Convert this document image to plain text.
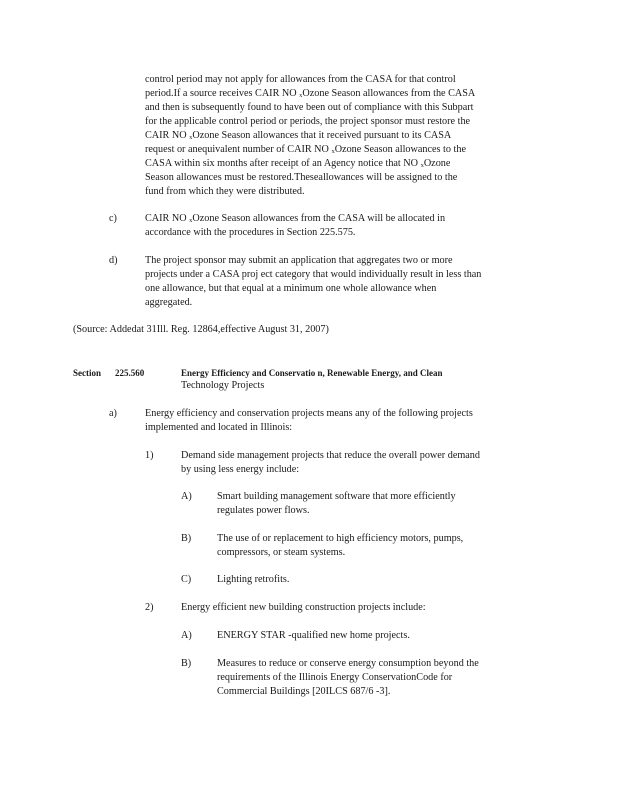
control period may not apply for allowances from the CASA for that control
period.If a source receives CAIR NO $_x$Ozone Season allowances from the CASA
and then is subsequently found to have been out of compliance with this Subpart
for the applicable control period or periods, the project sponsor must restore the
CAIR NO $_x$Ozone Season allowances that it received pursuant to its CASA
request or anequivalent number of CAIR NO $_x$Ozone Season allowances to the
CASA within six months after receipt of an Agency notice that NO $_x$Ozone
Season allowances must be restored.Theseallowances will be assigned to the
fund from which they were distributed.
c)	CAIR NO $_x$Ozone Season allowances from the CASA will be allocated in
accordance with the procedures in Section 225.575.
d)	The project sponsor may submit an application that aggregates two or more
projects under a CASA proj ect category that would individually result in less than
one allowance, but that equal at a minimum one whole allowance when
aggregated.
(Source: Addedat 31Ill. Reg. 12864,effective August 31, 2007)
Section 225.560	Energy Efficiency and Conservatio n, Renewable Energy, and Clean
Technology Projects
a)	Energy efficiency and conservation projects means any of the following projects
implemented and located in Illinois:
1)	Demand side management projects that reduce the overall power demand
by using less energy include:
A) Smart building management software that more efficiently
regulates power flows.
B)	The use of or replacement to high efficiency motors, pumps,
compressors, or steam systems.
C)	Lighting retrofits.
2)	Energy efficient new building construction projects include:
A) ENERGY STAR -qualified new home projects.
B)	Measures to reduce or conserve energy consumption beyond the
requirements of the Illinois Energy ConservationCode for
Commercial Buildings [20ILCS 687/6 -3].
